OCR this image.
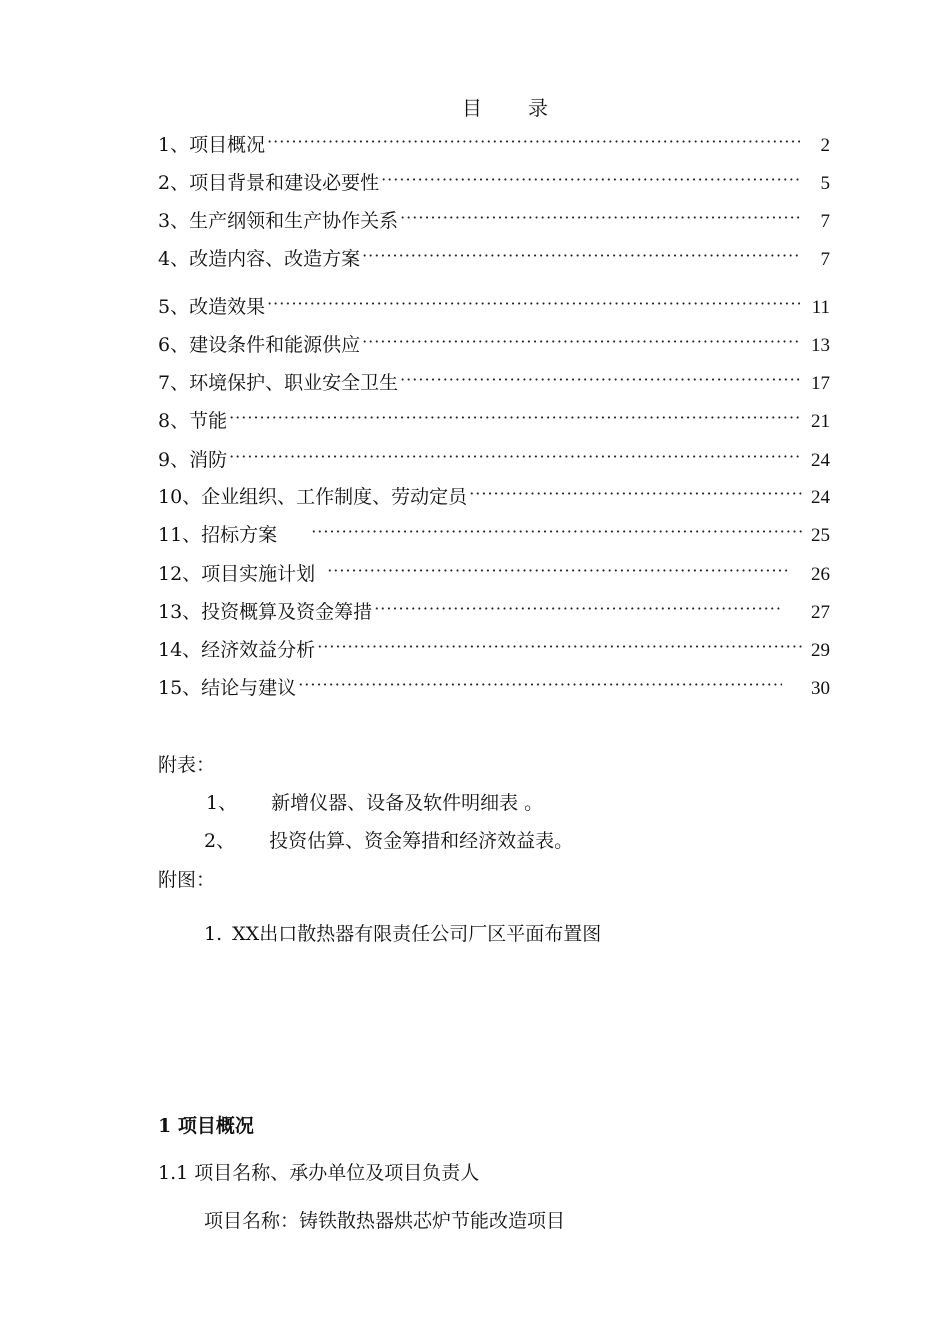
目 录
1、项目概况 ·····	2
2、项目背景和建设必要性 ·····	5
3、生产纲领和生产协作关系 ·····	7
4、改造内容、改造方案 ·····	7
5、改造效果 ·····	11
6、建设条件和能源供应 ·····	13
7、环境保护、职业安全卫生 ·····	17
8、节能 ·····	21
9、消防 ·····	24
10、企业组织、工作制度、劳动定员 ·····	24
11、招标方案 ·····	25
12、项目实施计划 ·····	26
13、投资概算及资金筹措 ·····	27
14、经济效益分析 ·····	29
15、结论与建议 ·····	30
附表：
1、 新增仪器、设备及软件明细表 。
2、 投资估算、资金筹措和经济效益表。
附图：
1. XX出口散热器有限责任公司厂区平面布置图
1 项目概况
1.1 项目名称、承办单位及项目负责人
项目名称：铸铁散热器烘芯炉节能改造项目
